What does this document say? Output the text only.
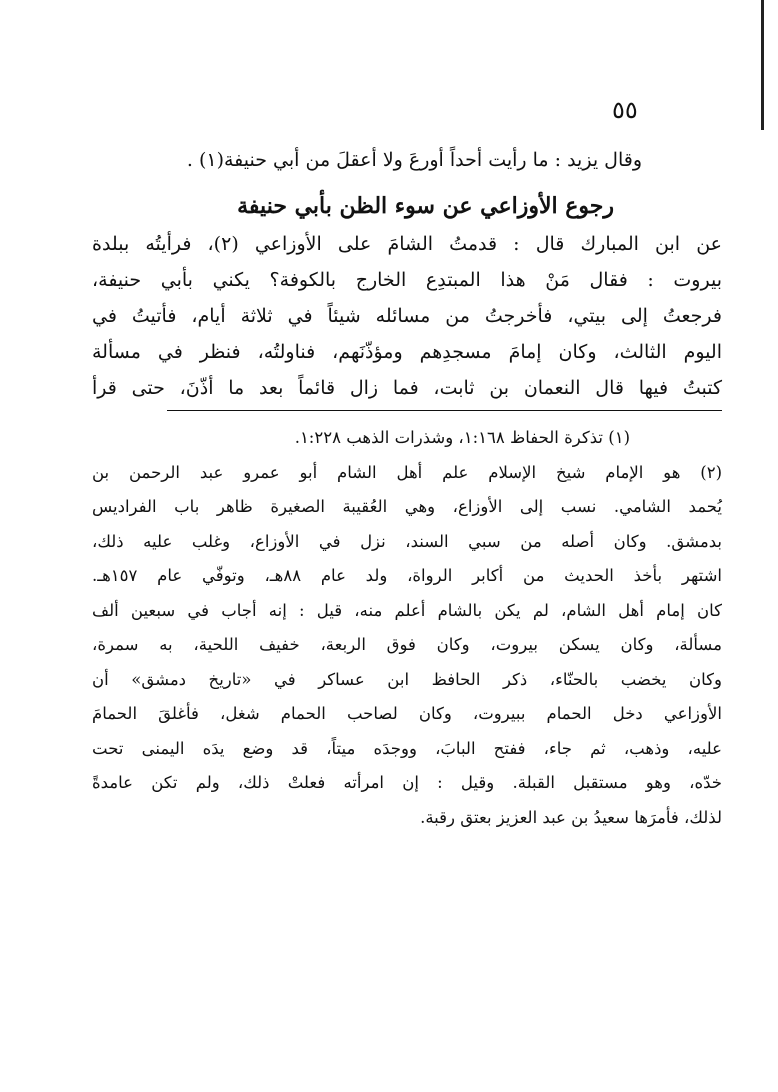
٥٥
وقال يزيد : ما رأيت أحداً أورعَ ولا أعقلَ من أبي حنيفة(١) .
رجوع الأوزاعي عن سوء الظن بأبي حنيفة
عن ابن المبارك قال : قدمتُ الشامَ على الأوزاعي (٢)، فرأيتُه ببلدة
بيروت : فقال مَنْ هذا المبتدِع الخارج بالكوفة؟ يكني بأبي حنيفة،
فرجعتُ إلى بيتي، فأخرجتُ من مسائله شيئاً في ثلاثة أيام، فأتيتُ في
اليوم الثالث، وكان إمامَ مسجدِهم ومؤذّنَهم، فناولتُه، فنظر في مسألة
كتبتُ فيها قال النعمان بن ثابت، فما زال قائماً بعد ما أذّنَ، حتى قرأ
(١) تذكرة الحفاظ ١:١٦٨، وشذرات الذهب ١:٢٢٨.
(٢) هو الإمام شيخ الإسلام علم أهل الشام أبو عمرو عبد الرحمن بن
يُحمد الشامي. نسب إلى الأوزاع، وهي العُقيبة الصغيرة ظاهر باب الفراديس
بدمشق. وكان أصله من سبي السند، نزل في الأوزاع، وغلب عليه ذلك،
اشتهر بأخذ الحديث من أكابر الرواة، ولد عام ٨٨هـ، وتوفّي عام ١٥٧هـ.
كان إمام أهل الشام، لم يكن بالشام أعلم منه، قيل : إنه أجاب في سبعين ألف
مسألة، وكان يسكن بيروت، وكان فوق الربعة، خفيف اللحية، به سمرة،
وكان يخضب بالحنّاء، ذكر الحافظ ابن عساكر في «تاريخ دمشق» أن
الأوزاعي دخل الحمام ببيروت، وكان لصاحب الحمام شغل، فأغلقَ الحمامَ
عليه، وذهب، ثم جاء، ففتح البابَ، ووجدَه ميتاً، قد وضع يدَه اليمنى تحت
خدّه، وهو مستقبل القبلة. وقيل : إن امرأته فعلتْ ذلك، ولم تكن عامدةً
لذلك، فأمرَها سعيدُ بن عبد العزيز بعتق رقبة.
